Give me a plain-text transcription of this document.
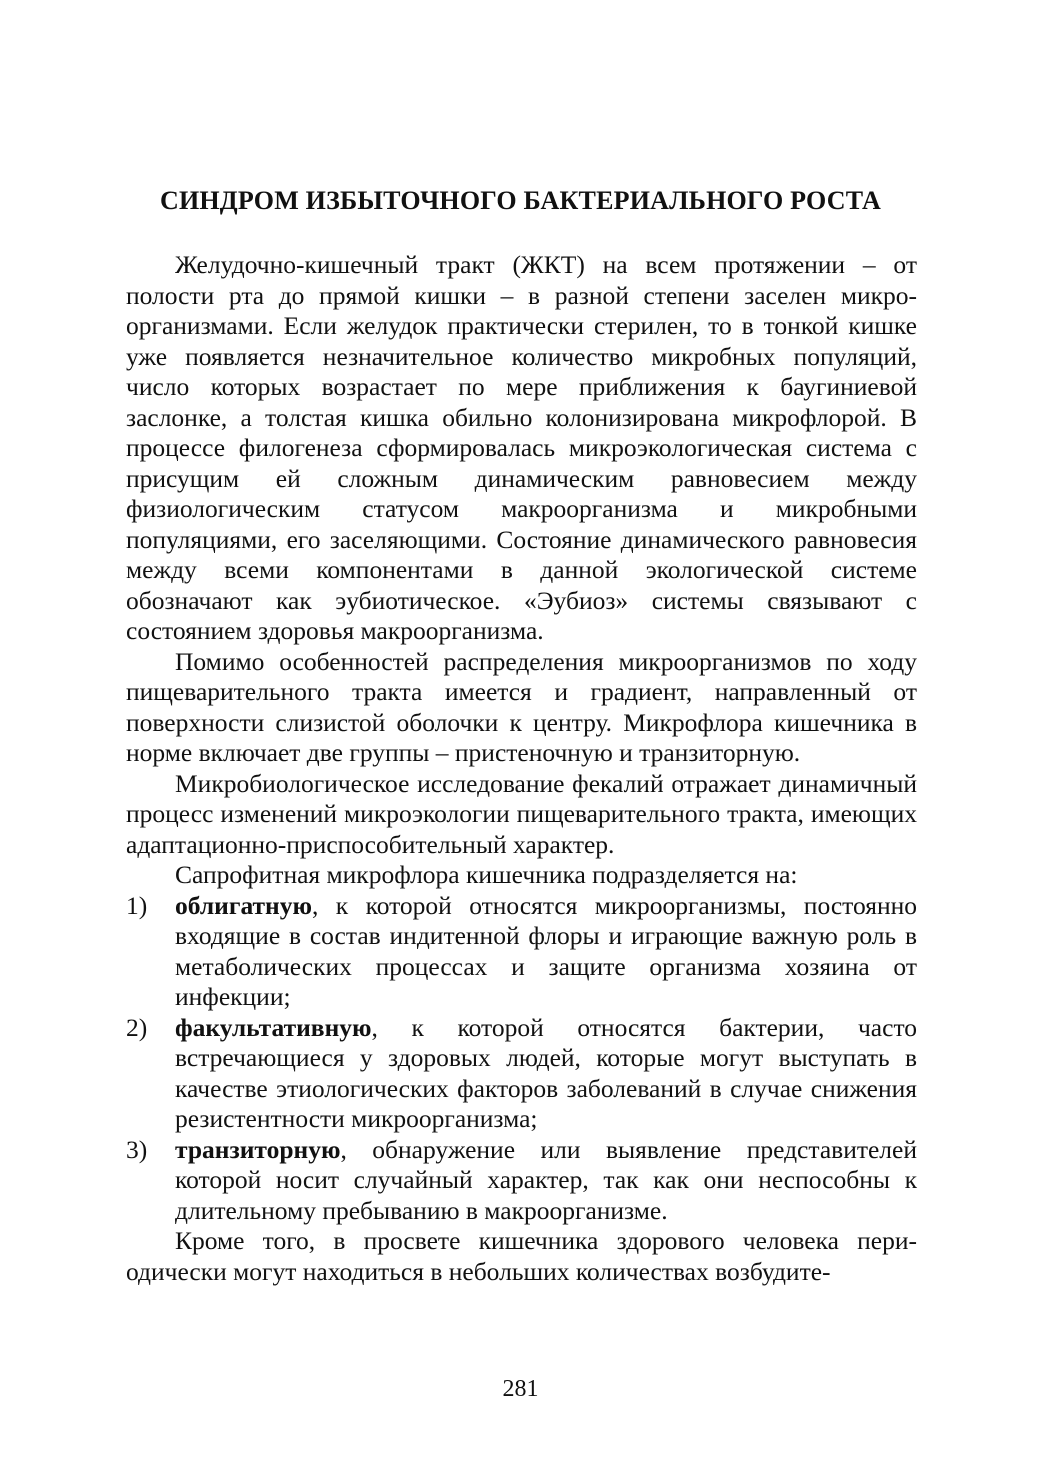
СИНДРОМ ИЗБЫТОЧНОГО БАКТЕРИАЛЬНОГО РОСТА

Желудочно-кишечный тракт (ЖКТ) на всем протяжении – от полости рта до прямой кишки – в разной степени заселен микроорганизмами. Если желудок практически стерилен, то в тонкой кишке уже появляется незначительное количество микробных популяций, число которых возрастает по мере приближения к баугиниевой заслонке, а толстая кишка обильно колонизирована микрофлорой. В процессе филогенеза сформировалась микроэкологическая система с присущим ей сложным динамическим равновесием между физиологическим статусом макроорганизма и микробными популяциями, его заселяющими. Состояние динамического равновесия между всеми компонентами в данной экологической системе обозначают как эубиотическое. «Эубиоз» системы связывают с состоянием здоровья макроорганизма.

Помимо особенностей распределения микроорганизмов по ходу пищеварительного тракта имеется и градиент, направленный от поверхности слизистой оболочки к центру. Микрофлора кишечника в норме включает две группы – пристеночную и транзиторную.

Микробиологическое исследование фекалий отражает динамичный процесс изменений микроэкологии пищеварительного тракта, имеющих адаптационно-приспособительный характер.

Сапрофитная микрофлора кишечника подразделяется на:

1) облигатную, к которой относятся микроорганизмы, постоянно входящие в состав индитенной флоры и играющие важную роль в метаболических процессах и защите организма хозяина от инфекции;
2) факультативную, к которой относятся бактерии, часто встречающиеся у здоровых людей, которые могут выступать в качестве этиологических факторов заболеваний в случае снижения резистентности микроорганизма;
3) транзиторную, обнаружение или выявление представителей которой носит случайный характер, так как они неспособны к длительному пребыванию в макроорганизме.

Кроме того, в просвете кишечника здорового человека периодически могут находиться в небольших количествах возбудите-

281
